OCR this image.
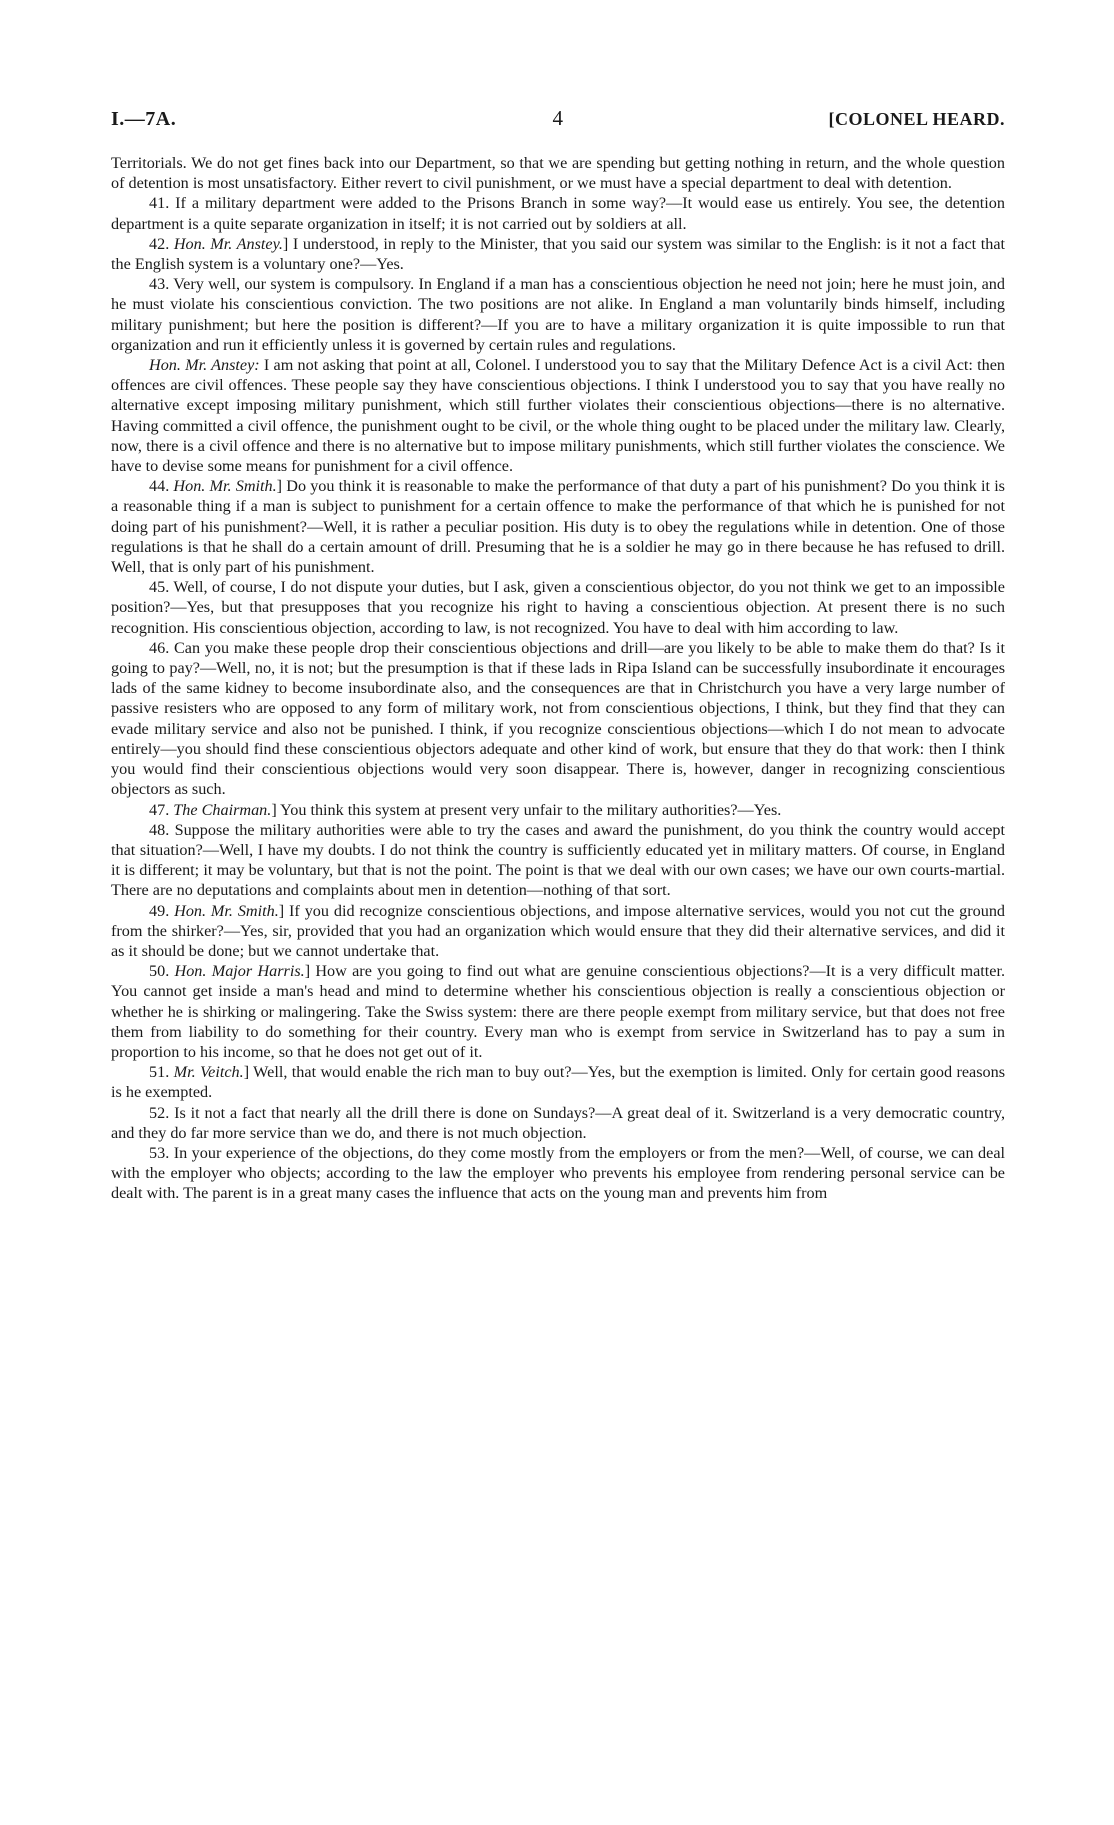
I.—7A.	4	[COLONEL HEARD.

Territorials. We do not get fines back into our Department, so that we are spending but getting nothing in return, and the whole question of detention is most unsatisfactory. Either revert to civil punishment, or we must have a special department to deal with detention.

41. If a military department were added to the Prisons Branch in some way?—It would ease us entirely. You see, the detention department is a quite separate organization in itself; it is not carried out by soldiers at all.

42. Hon. Mr. Anstey.] I understood, in reply to the Minister, that you said our system was similar to the English: is it not a fact that the English system is a voluntary one?—Yes.

43. Very well, our system is compulsory. In England if a man has a conscientious objection he need not join; here he must join, and he must violate his conscientious conviction. The two positions are not alike. In England a man voluntarily binds himself, including military punishment; but here the position is different?—If you are to have a military organization it is quite impossible to run that organization and run it efficiently unless it is governed by certain rules and regulations.

Hon. Mr. Anstey: I am not asking that point at all, Colonel. I understood you to say that the Military Defence Act is a civil Act: then offences are civil offences. These people say they have conscientious objections. I think I understood you to say that you have really no alternative except imposing military punishment, which still further violates their conscientious objections—there is no alternative. Having committed a civil offence, the punishment ought to be civil, or the whole thing ought to be placed under the military law. Clearly, now, there is a civil offence and there is no alternative but to impose military punishments, which still further violates the conscience. We have to devise some means for punishment for a civil offence.

44. Hon. Mr. Smith.] Do you think it is reasonable to make the performance of that duty a part of his punishment? Do you think it is a reasonable thing if a man is subject to punishment for a certain offence to make the performance of that which he is punished for not doing part of his punishment?—Well, it is rather a peculiar position. His duty is to obey the regulations while in detention. One of those regulations is that he shall do a certain amount of drill. Presuming that he is a soldier he may go in there because he has refused to drill. Well, that is only part of his punishment.

45. Well, of course, I do not dispute your duties, but I ask, given a conscientious objector, do you not think we get to an impossible position?—Yes, but that presupposes that you recognize his right to having a conscientious objection. At present there is no such recognition. His conscientious objection, according to law, is not recognized. You have to deal with him according to law.

46. Can you make these people drop their conscientious objections and drill—are you likely to be able to make them do that? Is it going to pay?—Well, no, it is not; but the presumption is that if these lads in Ripa Island can be successfully insubordinate it encourages lads of the same kidney to become insubordinate also, and the consequences are that in Christchurch you have a very large number of passive resisters who are opposed to any form of military work, not from conscientious objections, I think, but they find that they can evade military service and also not be punished. I think, if you recognize conscientious objections—which I do not mean to advocate entirely—you should find these conscientious objectors adequate and other kind of work, but ensure that they do that work: then I think you would find their conscientious objections would very soon disappear. There is, however, danger in recognizing conscientious objectors as such.

47. The Chairman.] You think this system at present very unfair to the military authorities?—Yes.

48. Suppose the military authorities were able to try the cases and award the punishment, do you think the country would accept that situation?—Well, I have my doubts. I do not think the country is sufficiently educated yet in military matters. Of course, in England it is different; it may be voluntary, but that is not the point. The point is that we deal with our own cases; we have our own courts-martial. There are no deputations and complaints about men in detention—nothing of that sort.

49. Hon. Mr. Smith.] If you did recognize conscientious objections, and impose alternative services, would you not cut the ground from the shirker?—Yes, sir, provided that you had an organization which would ensure that they did their alternative services, and did it as it should be done; but we cannot undertake that.

50. Hon. Major Harris.] How are you going to find out what are genuine conscientious objections?—It is a very difficult matter. You cannot get inside a man's head and mind to determine whether his conscientious objection is really a conscientious objection or whether he is shirking or malingering. Take the Swiss system: there are there people exempt from military service, but that does not free them from liability to do something for their country. Every man who is exempt from service in Switzerland has to pay a sum in proportion to his income, so that he does not get out of it.

51. Mr. Veitch.] Well, that would enable the rich man to buy out?—Yes, but the exemption is limited. Only for certain good reasons is he exempted.

52. Is it not a fact that nearly all the drill there is done on Sundays?—A great deal of it. Switzerland is a very democratic country, and they do far more service than we do, and there is not much objection.

53. In your experience of the objections, do they come mostly from the employers or from the men?—Well, of course, we can deal with the employer who objects; according to the law the employer who prevents his employee from rendering personal service can be dealt with. The parent is in a great many cases the influence that acts on the young man and prevents him from
